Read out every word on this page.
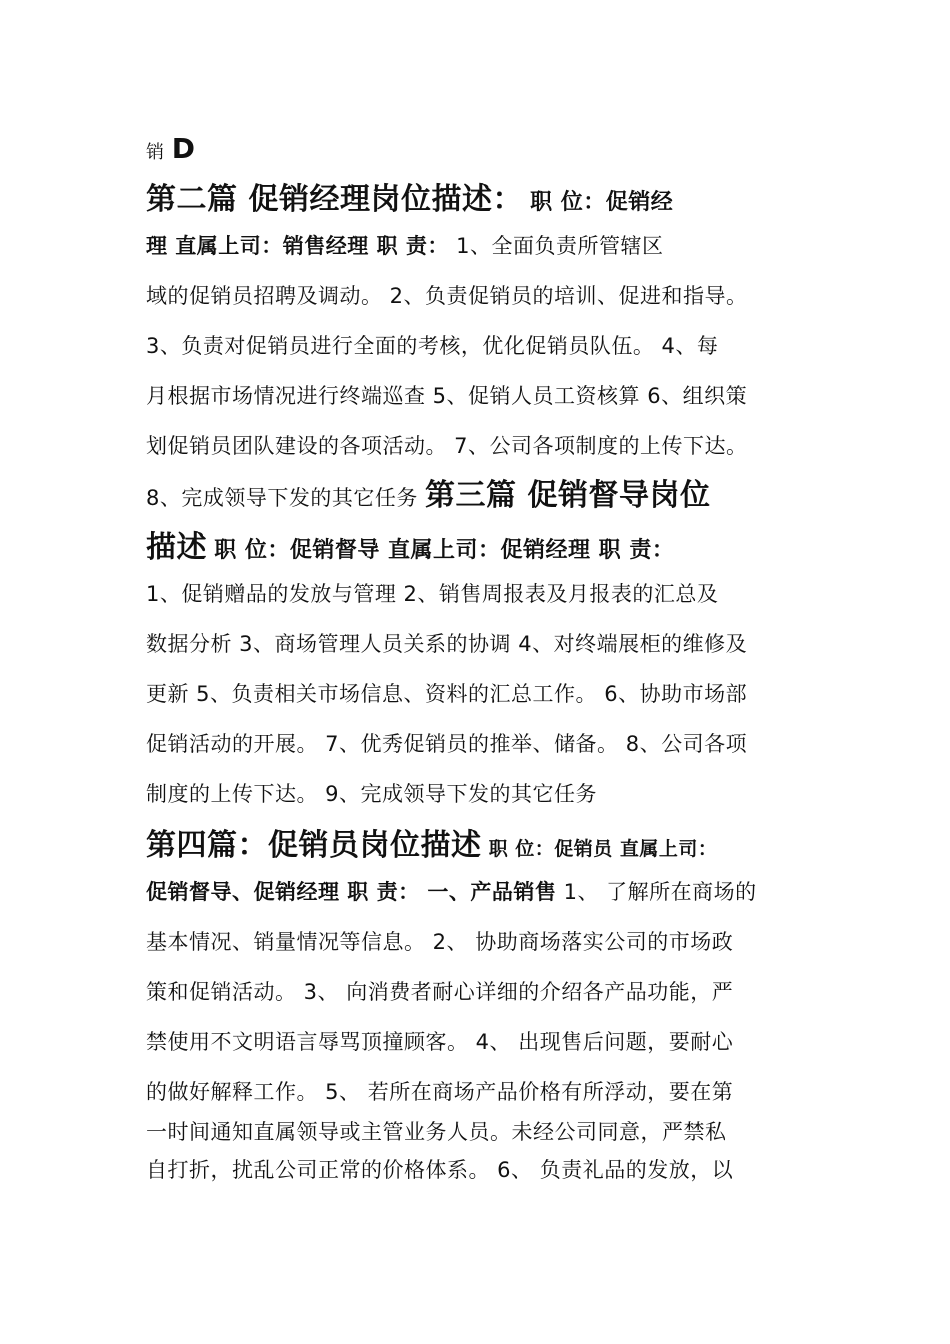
销 D
第二篇 促销经理岗位描述： 职 位：促销经
理 直属上司：销售经理 职 责： 1、全面负责所管辖区
域的促销员招聘及调动。 2、负责促销员的培训、促进和指导。
3、负责对促销员进行全面的考核，优化促销员队伍。 4、每
月根据市场情况进行终端巡查 5、促销人员工资核算 6、组织策
划促销员团队建设的各项活动。 7、公司各项制度的上传下达。
8、完成领导下发的其它任务 第三篇 促销督导岗位
描述 职 位：促销督导 直属上司：促销经理 职 责：
1、促销赠品的发放与管理 2、销售周报表及月报表的汇总及
数据分析 3、商场管理人员关系的协调 4、对终端展柜的维修及
更新 5、负责相关市场信息、资料的汇总工作。 6、协助市场部
促销活动的开展。 7、优秀促销员的推举、储备。 8、公司各项
制度的上传下达。 9、完成领导下发的其它任务
第四篇：促销员岗位描述 职 位：促销员 直属上司：
促销督导、促销经理 职 责： 一、产品销售 1、 了解所在商场的
基本情况、销量情况等信息。 2、 协助商场落实公司的市场政
策和促销活动。 3、 向消费者耐心详细的介绍各产品功能，严
禁使用不文明语言辱骂顶撞顾客。 4、 出现售后问题，要耐心
的做好解释工作。 5、 若所在商场产品价格有所浮动，要在第
一时间通知直属领导或主管业务人员。未经公司同意，严禁私
自打折，扰乱公司正常的价格体系。 6、 负责礼品的发放，以
